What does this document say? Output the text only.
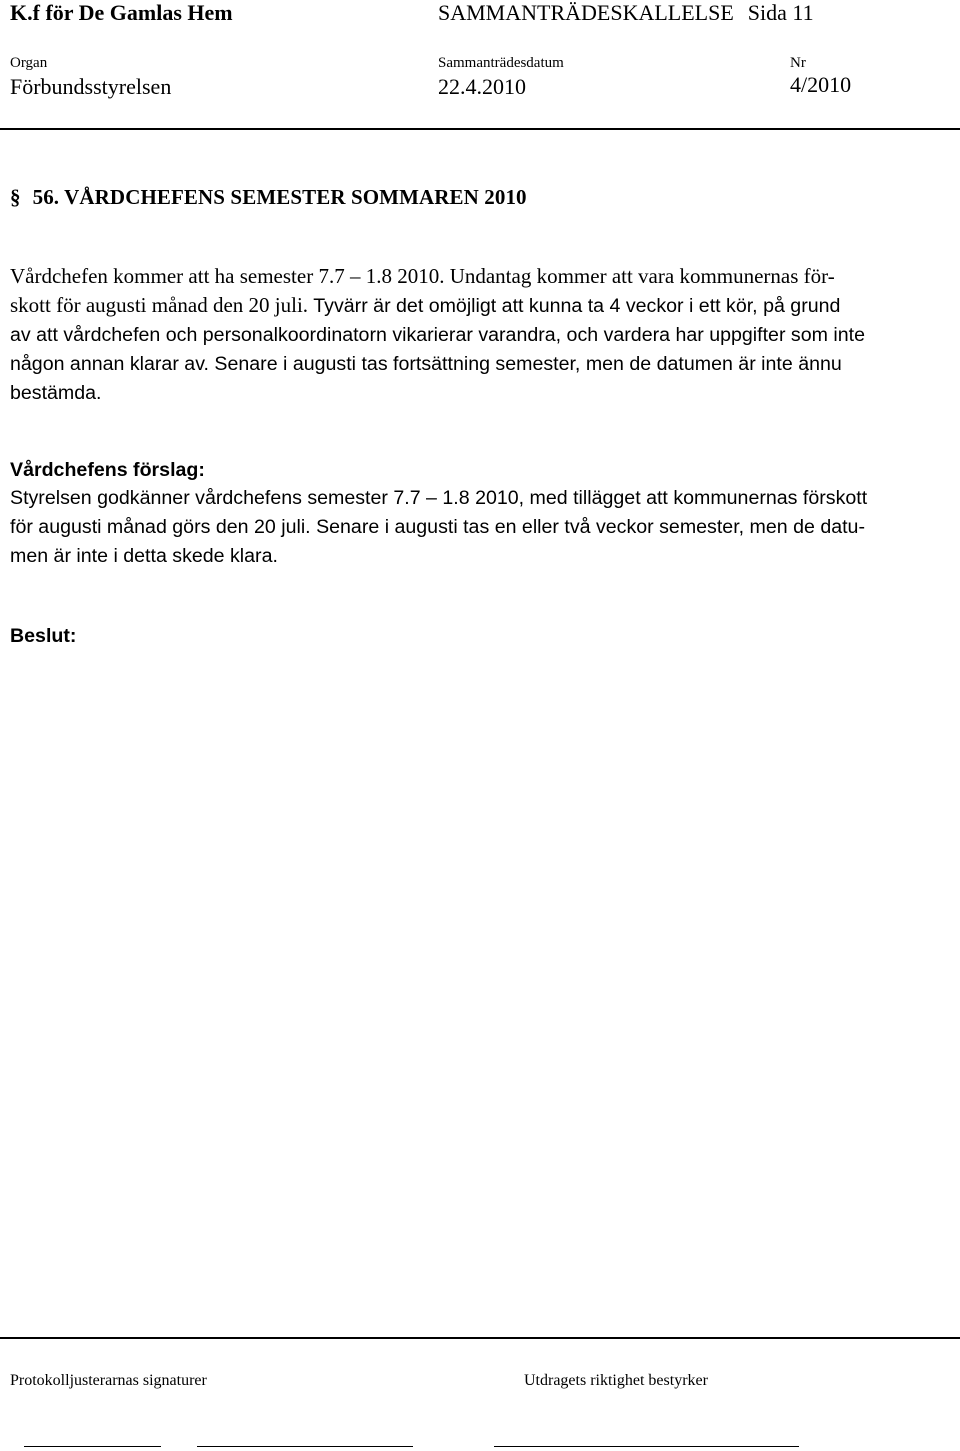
K.f för De Gamlas Hem	SAMMANTRÄDESKALLELSE Sida 11
Organ	Sammanträdesdatum	Nr
Förbundsstyrelsen	22.4.2010	4/2010
§ 56. VÅRDCHEFENS SEMESTER SOMMAREN 2010
Vårdchefen kommer att ha semester 7.7 – 1.8 2010. Undantag kommer att vara kommunernas för-
skott för augusti månad den 20 juli. Tyvärr är det omöjligt att kunna ta 4 veckor i ett kör, på grund
av att vårdchefen och personalkoordinatorn vikarierar varandra, och vardera har uppgifter som inte
någon annan klarar av. Senare i augusti tas fortsättning semester, men de datumen är inte ännu
bestämda.
Vårdchefens förslag:
Styrelsen godkänner vårdchefens semester 7.7 – 1.8 2010, med tillägget att kommunernas förskott
för augusti månad görs den 20 juli. Senare i augusti tas en eller två veckor semester, men de datu-
men är inte i detta skede klara.
Beslut:
Protokolljusterarnas signaturer	Utdragets riktighet bestyrker
